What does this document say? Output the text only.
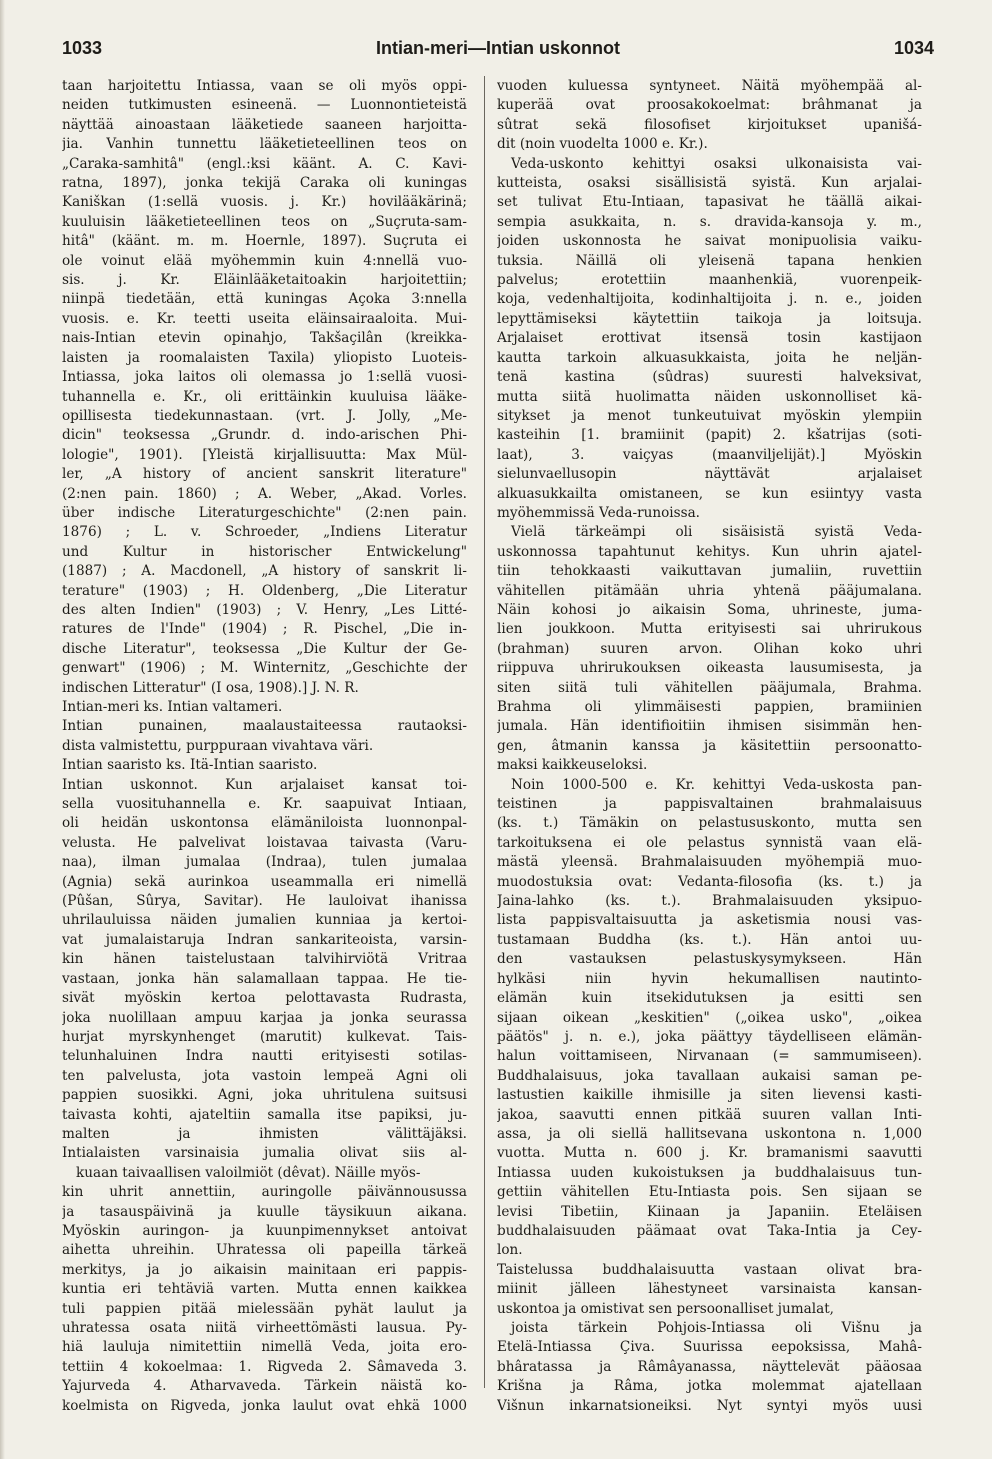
1033	Intian-meri—Intian uskonnot	1034
taan harjoitettu Intiassa, vaan se oli myös oppi-
neiden tutkimusten esineenä. — Luonnontieteistä
näyttää ainoastaan lääketiede saaneen harjoitta-
jia. Vanhin tunnettu lääketieteellinen teos on
„Caraka-samhitâ" (engl.:ksi käänt. A. C. Kavi-
ratna, 1897), jonka tekijä Caraka oli kuningas
Kaniškan (1:sellä vuosis. j. Kr.) hovilääkärinä;
kuuluisin lääketieteellinen teos on „Suçruta-sam-
hitâ" (käänt. m. m. Hoernle, 1897). Suçruta ei
ole voinut elää myöhemmin kuin 4:nnellä vuo-
sis. j. Kr. Eläinlääketaitoakin harjoitettiin;
niinpä tiedetään, että kuningas Açoka 3:nnella
vuosis. e. Kr. teetti useita eläinsairaaloita. Mui-
nais-Intian etevin opinahjo, Takšaçilân (kreikka-
laisten ja roomalaisten Taxila) yliopisto Luoteis-
Intiassa, joka laitos oli olemassa jo 1:sellä vuosi-
tuhannella e. Kr., oli erittäinkin kuuluisa lääke-
opillisesta tiedekunnastaan. (vrt. J. Jolly, „Me-
dicin" teoksessa „Grundr. d. indo-arischen Phi-
lologie", 1901). [Yleistä kirjallisuutta: Max Mül-
ler, „A history of ancient sanskrit literature"
(2:nen pain. 1860) ; A. Weber, „Akad. Vorles.
über indische Literaturgeschichte" (2:nen pain.
1876) ; L. v. Schroeder, „Indiens Literatur
und Kultur in historischer Entwickelung"
(1887) ; A. Macdonell, „A history of sanskrit li-
terature" (1903) ; H. Oldenberg, „Die Literatur
des alten Indien" (1903) ; V. Henry, „Les Litté-
ratures de l'Inde" (1904) ; R. Pischel, „Die in-
dische Literatur", teoksessa „Die Kultur der Ge-
genwart" (1906) ; M. Winternitz, „Geschichte der
indischen Litteratur" (I osa, 1908).] J. N. R.
Intian-meri ks. Intian valtameri.
Intian punainen, maalaustaiteessa rautaoksi-
dista valmistettu, purppuraan vivahtava väri.
Intian saaristo ks. Itä-Intian saaristo.
Intian uskonnot. Kun arjalaiset kansat toi-
sella vuosituhannella e. Kr. saapuivat Intiaan,
oli heidän uskontonsa elämäniloista luonnonpal-
velusta. He palvelivat loistavaa taivasta (Varu-
naa), ilman jumalaa (Indraa), tulen jumalaa
(Agnia) sekä aurinkoa useammalla eri nimellä
(Pûšan, Sûrya, Savitar). He lauloivat ihanissa
uhrilauluissa näiden jumalien kunniaa ja kertoi-
vat jumalaistaruja Indran sankariteoista, varsin-
kin hänen taistelustaan talvihirviötä Vritraa
vastaan, jonka hän salamallaan tappaa. He tie-
sivät myöskin kertoa pelottavasta Rudrasta,
joka nuolillaan ampuu karjaa ja jonka seurassa
hurjat myrskynhenget (marutit) kulkevat. Tais-
telunhaluinen Indra nautti erityisesti sotilas-
ten palvelusta, jota vastoin lempeä Agni oli
pappien suosikki. Agni, joka uhritulena suitsusi
taivasta kohti, ajateltiin samalla itse papiksi, ju-
malten ja ihmisten välittäjäksi.
Intialaisten varsinaisia jumalia olivat siis al-
kuaan taivaallisen valoilmiöt (dêvat). Näille myös-
kin uhrit annettiin, auringolle päivännousussa
ja tasauspäivinä ja kuulle täysikuun aikana.
Myöskin auringon- ja kuunpimennykset antoivat
aihetta uhreihin. Uhratessa oli papeilla tärkeä
merkitys, ja jo aikaisin mainitaan eri pappis-
kuntia eri tehtäviä varten. Mutta ennen kaikkea
tuli pappien pitää mielessään pyhät laulut ja
uhratessa osata niitä virheettömästi lausua. Py-
hiä lauluja nimitettiin nimellä Veda, joita ero-
tettiin 4 kokoelmaa: 1. Rigveda 2. Sâmaveda 3.
Yajurveda 4. Atharvaveda. Tärkein näistä ko-
koelmista on Rigveda, jonka laulut ovat ehkä 1000
vuoden kuluessa syntyneet. Näitä myöhempää al-
kuperää ovat proosakokoelmat: brâhmanat ja
sûtrat sekä filosofiset kirjoitukset upanišá-
dit (noin vuodelta 1000 e. Kr.).
Veda-uskonto kehittyi osaksi ulkonaisista vai-
kutteista, osaksi sisällisistä syistä. Kun arjalai-
set tulivat Etu-Intiaan, tapasivat he täällä aikai-
sempia asukkaita, n. s. dravida-kansoja y. m.,
joiden uskonnosta he saivat monipuolisia vaiku-
tuksia. Näillä oli yleisenä tapana henkien
palvelus; erotettiin maanhenkiä, vuorenpeik-
koja, vedenhaltijoita, kodinhaltijoita j. n. e., joiden
lepyttämiseksi käytettiin taikoja ja loitsuja.
Arjalaiset erottivat itsensä tosin kastijaon
kautta tarkoin alkuasukkaista, joita he neljän-
tenä kastina (sûdras) suuresti halveksivat,
mutta siitä huolimatta näiden uskonnolliset kä-
sitykset ja menot tunkeutuivat myöskin ylempiin
kasteihin [1. bramiinit (papit) 2. kšatrijas (soti-
laat), 3. vaiçyas (maanviljelijät).] Myöskin
sielunvaellusopin näyttävät arjalaiset
alkuasukkailta omistaneen, se kun esiintyy vasta
myöhemmissä Veda-runoissa.
Vielä tärkeämpi oli sisäisistä syistä Veda-
uskonnossa tapahtunut kehitys. Kun uhrin ajatel-
tiin tehokkaasti vaikuttavan jumaliin, ruvettiin
vähitellen pitämään uhria yhtenä pääjumalana.
Näin kohosi jo aikaisin Soma, uhrineste, juma-
lien joukkoon. Mutta erityisesti sai uhrirukous
(brahman) suuren arvon. Olihan koko uhri
riippuva uhrirukouksen oikeasta lausumisesta, ja
siten siitä tuli vähitellen pääjumala, Brahma.
Brahma oli ylimmäisesti pappien, bramiinien
jumala. Hän identifioitiin ihmisen sisimmän hen-
gen, âtmanin kanssa ja käsitettiin persoonatto-
maksi kaikkeuseloksi.
Noin 1000-500 e. Kr. kehittyi Veda-uskosta pan-
teistinen ja pappisvaltainen brahmalaisuus
(ks. t.) Tämäkin on pelastususkonto, mutta sen
tarkoituksena ei ole pelastus synnistä vaan elä-
mästä yleensä. Brahmalaisuuden myöhempiä muo-
muodostuksia ovat: Vedanta-filosofia (ks. t.) ja
Jaina-lahko (ks. t.). Brahmalaisuuden yksipuo-
lista pappisvaltaisuutta ja asketismia nousi vas-
tustamaan Buddha (ks. t.). Hän antoi uu-
den vastauksen pelastuskysymykseen. Hän
hylkäsi niin hyvin hekumallisen nautinto-
elämän kuin itsekidutuksen ja esitti sen
sijaan oikean „keskitien" („oikea usko", „oikea
päätös" j. n. e.), joka päättyy täydelliseen elämän-
halun voittamiseen, Nirvanaan (= sammumiseen).
Buddhalaisuus, joka tavallaan aukaisi saman pe-
lastustien kaikille ihmisille ja siten lievensi kasti-
jakoa, saavutti ennen pitkää suuren vallan Inti-
assa, ja oli siellä hallitsevana uskontona n. 1,000
vuotta. Mutta n. 600 j. Kr. bramanismi saavutti
Intiassa uuden kukoistuksen ja buddhalaisuus tun-
gettiin vähitellen Etu-Intiasta pois. Sen sijaan se
levisi Tibetiin, Kiinaan ja Japaniin. Eteläisen
buddhalaisuuden päämaat ovat Taka-Intia ja Cey-
lon.
Taistelussa buddhalaisuutta vastaan olivat bra-
miinit jälleen lähestyneet varsinaista kansan-
uskontoa ja omistivat sen persoonalliset jumalat,
joista tärkein Pohjois-Intiassa oli Višnu ja
Etelä-Intiassa Çiva. Suurissa eepoksissa, Mahâ-
bhâratassa ja Râmâyanassa, näyttelevät pääosaa
Krišna ja Râma, jotka molemmat ajatellaan
Višnun inkarnatsioneiksi. Nyt syntyi myös uusi
